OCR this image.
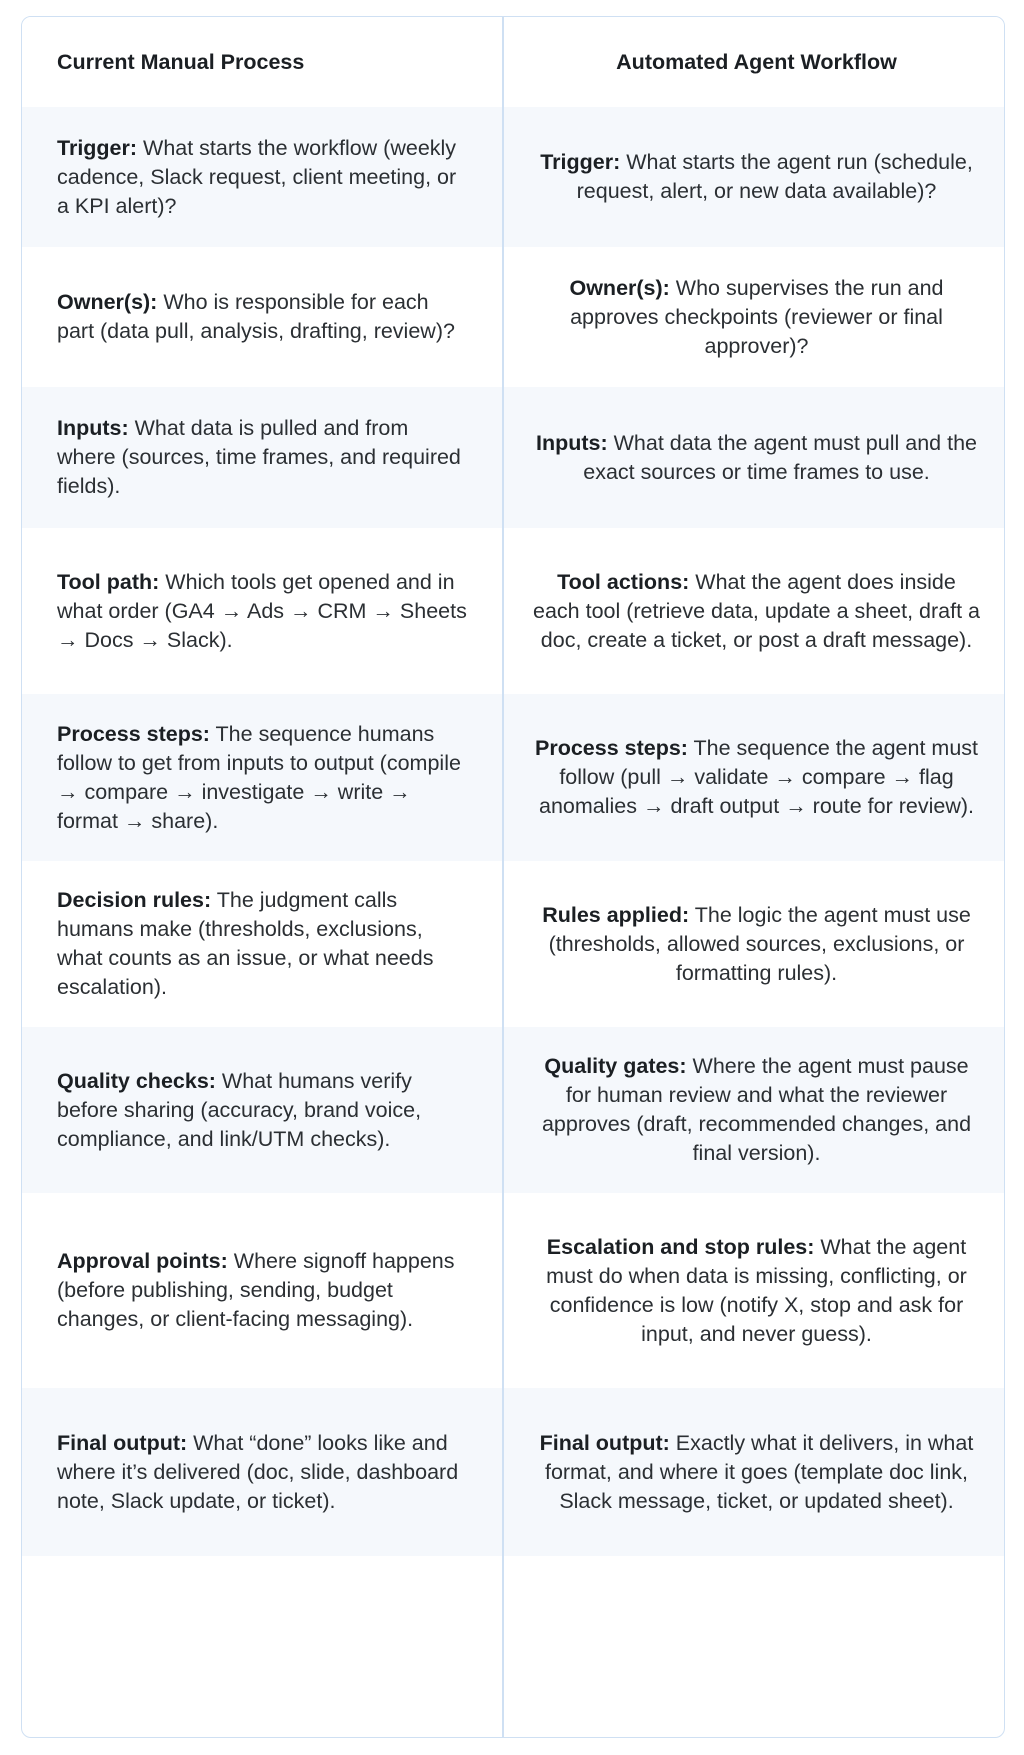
Current Manual Process	Automated Agent Workflow
Trigger: What starts the workflow (weekly cadence, Slack request, client meeting, or a KPI alert)?
Trigger: What starts the agent run (schedule, request, alert, or new data available)?
Owner(s): Who is responsible for each part (data pull, analysis, drafting, review)?
Owner(s): Who supervises the run and approves checkpoints (reviewer or final approver)?
Inputs: What data is pulled and from where (sources, time frames, and required fields).
Inputs: What data the agent must pull and the exact sources or time frames to use.
Tool path: Which tools get opened and in what order (GA4 → Ads → CRM → Sheets → Docs → Slack).
Tool actions: What the agent does inside each tool (retrieve data, update a sheet, draft a doc, create a ticket, or post a draft message).
Process steps: The sequence humans follow to get from inputs to output (compile → compare → investigate → write → format → share).
Process steps: The sequence the agent must follow (pull → validate → compare → flag anomalies → draft output → route for review).
Decision rules: The judgment calls humans make (thresholds, exclusions, what counts as an issue, or what needs escalation).
Rules applied: The logic the agent must use (thresholds, allowed sources, exclusions, or formatting rules).
Quality checks: What humans verify before sharing (accuracy, brand voice, compliance, and link/UTM checks).
Quality gates: Where the agent must pause for human review and what the reviewer approves (draft, recommended changes, and final version).
Approval points: Where signoff happens (before publishing, sending, budget changes, or client-facing messaging).
Escalation and stop rules: What the agent must do when data is missing, conflicting, or confidence is low (notify X, stop and ask for input, and never guess).
Final output: What “done” looks like and where it’s delivered (doc, slide, dashboard note, Slack update, or ticket).
Final output: Exactly what it delivers, in what format, and where it goes (template doc link, Slack message, ticket, or updated sheet).
